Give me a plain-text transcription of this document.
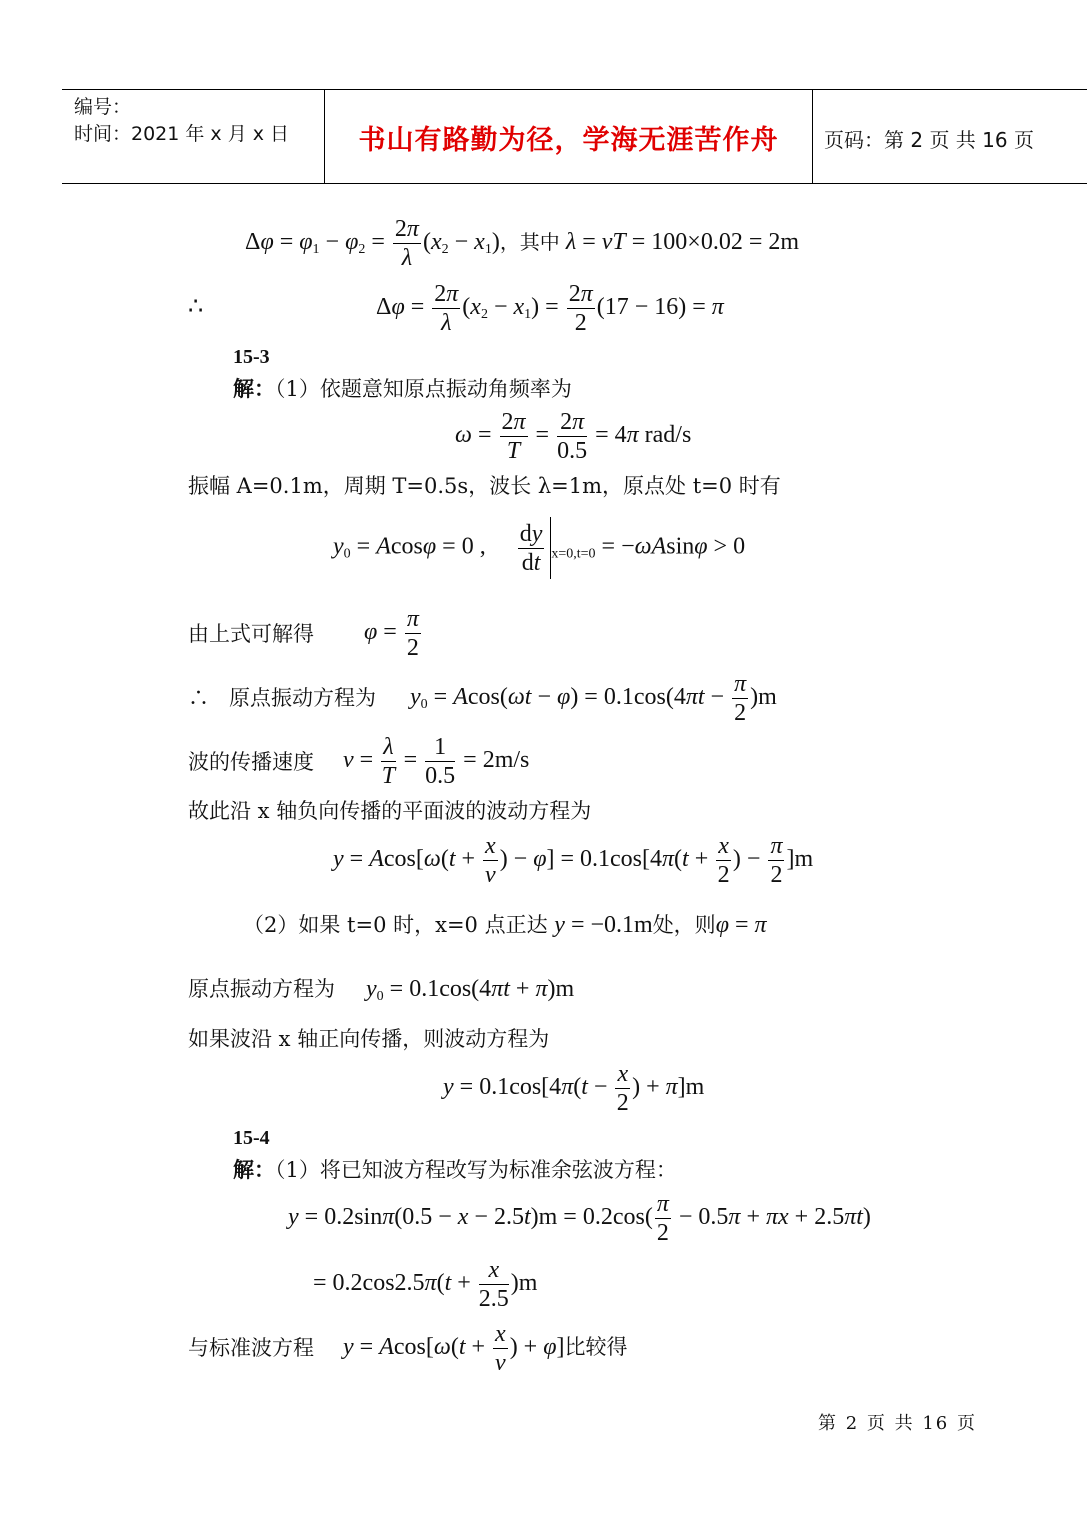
编号：
时间：2021 年 x 月 x 日	书山有路勤为径，学海无涯苦作舟	页码：第 2 页 共 16 页
$\Delta\varphi = \varphi_1 - \varphi_2 = \frac{2\pi}{\lambda} (x_2 - x_1)$，其中 λ = vT = 100×0.02 = 2m
∴	$\Delta\varphi = \frac{2\pi}{\lambda} (x_2 - x_1) = \frac{2\pi}{2} (17 - 16) = \pi$
15-3
解：（1）依题意知原点振动角频率为
$\omega = \frac{2\pi}{T} = \frac{2\pi}{0.5} = 4\pi$ rad/s
振幅 A=0.1m，周期 T=0.5s，波长 λ=1m，原点处 t=0 时有
$y_0 = Acos\varphi = 0$ , $\frac{dy}{dt} _{x=0,t=0} = -\omega Asin\varphi > 0$
由上式可解得 $\varphi = \frac{\pi}{2}$
∴ 原点振动方程为 $y_0 = Acos(\omega t - \varphi) = 0.1\cos(4\pi t - \frac{\pi}{2} )m$
波的传播速度 $v = \frac{\lambda}{T} = \frac{1}{0.5} = 2m/s$
故此沿 x 轴负向传播的平面波的波动方程为
$y = Acos[\omega(t + \frac{x}{v}$ ) − $\varphi] = 0.1\cos[4\pi(t + \frac{x}{2}$ ) − $\frac{\pi}{2} ]m$
（2）如果 t=0 时，x=0 点正达 y = −0.1m处，则φ = π
原点振动方程为 $y_0 = 0.1\cos(4\pi t + \pi)m$
如果波沿 x 轴正向传播，则波动方程为
$y = 0.1\cos[4\pi(t - \frac{x}{2}$ ) + π]m
15-4
解：（1）将已知波方程改写为标准余弦波方程：
$y = 0.2\sin\pi(0.5 - x - 2.5t)m = 0.2\cos( \frac{\pi}{2} - 0.5\pi + \pi x + 2.5\pi t)$
= $0.2\cos 2.5\pi(t + \frac{x}{2.5} )m$
与标准波方程 $y = Acos[\omega(t + \frac{x}{v}$ ) + φ]比较得
第 2 页 共 16 页
